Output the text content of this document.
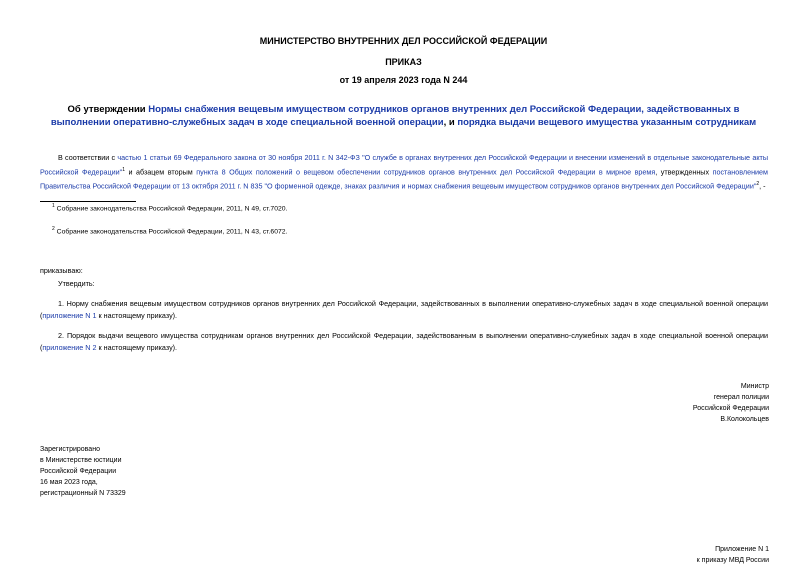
МИНИСТЕРСТВО ВНУТРЕННИХ ДЕЛ РОССИЙСКОЙ ФЕДЕРАЦИИ
ПРИКАЗ
от 19 апреля 2023 года N 244
Об утверждении Нормы снабжения вещевым имуществом сотрудников органов внутренних дел Российской Федерации, задействованных в выполнении оперативно-служебных задач в ходе специальной военной операции, и порядка выдачи вещевого имущества указанным сотрудникам
В соответствии с частью 1 статьи 69 Федерального закона от 30 ноября 2011 г. N 342-ФЗ "О службе в органах внутренних дел Российской Федерации и внесении изменений в отдельные законодательные акты Российской Федерации"$^1$ и абзацем вторым пункта 8 Общих положений о вещевом обеспечении сотрудников органов внутренних дел Российской Федерации в мирное время, утвержденных постановлением Правительства Российской Федерации от 13 октября 2011 г. N 835 "О форменной одежде, знаках различия и нормах снабжения вещевым имуществом сотрудников органов внутренних дел Российской Федерации"$^2$, -
$^1$ Собрание законодательства Российской Федерации, 2011, N 49, ст.7020.
$^2$ Собрание законодательства Российской Федерации, 2011, N 43, ст.6072.
приказываю:
Утвердить:
1. Норму снабжения вещевым имуществом сотрудников органов внутренних дел Российской Федерации, задействованных в выполнении оперативно-служебных задач в ходе специальной военной операции (приложение N 1 к настоящему приказу).
2. Порядок выдачи вещевого имущества сотрудникам органов внутренних дел Российской Федерации, задействованным в выполнении оперативно-служебных задач в ходе специальной военной операции (приложение N 2 к настоящему приказу).
Министр
генерал полиции
Российской Федерации
В.Колокольцев
Зарегистрировано
в Министерстве юстиции
Российской Федерации
16 мая 2023 года,
регистрационный N 73329
Приложение N 1
к приказу МВД России
